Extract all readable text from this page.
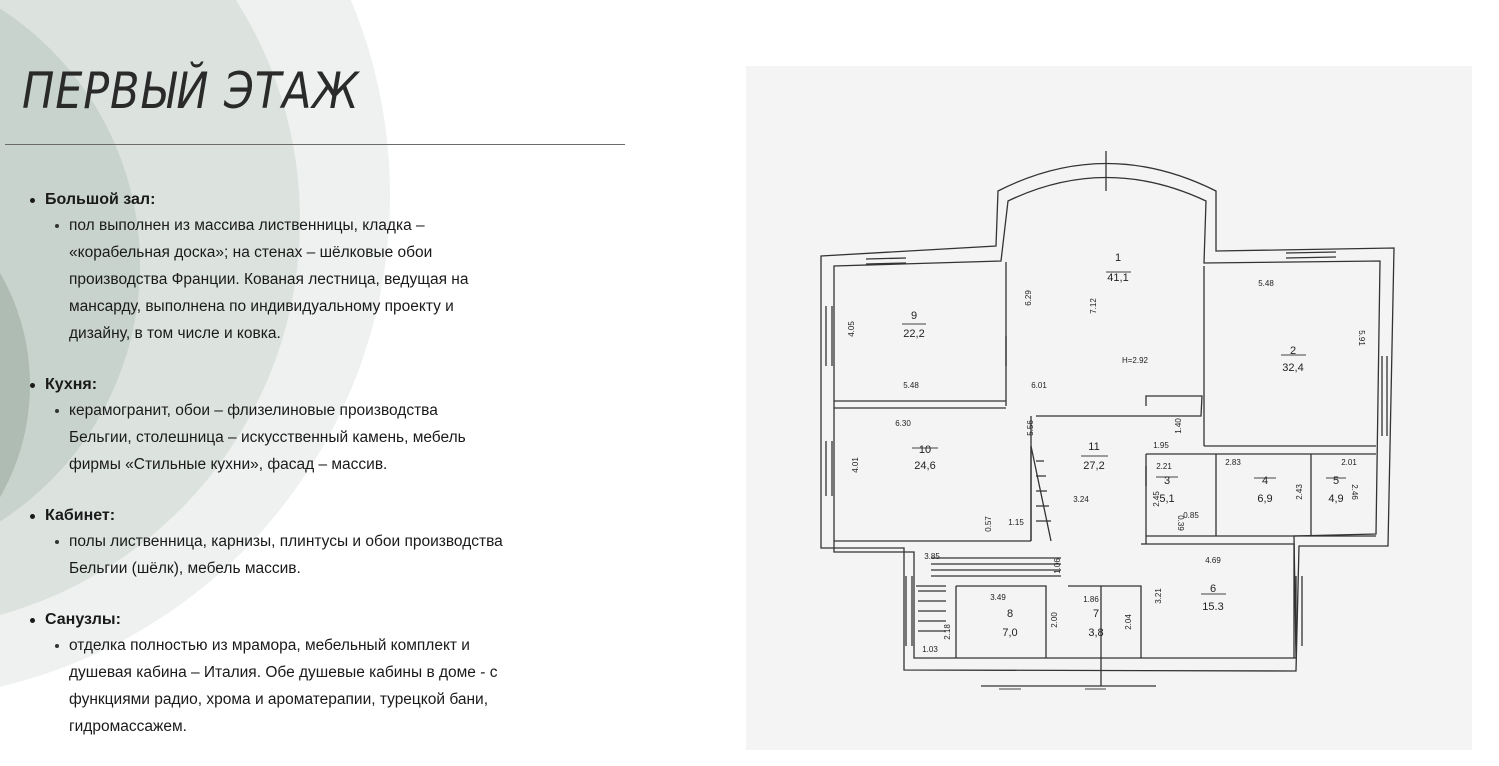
ПЕРВЫЙ ЭТАЖ
Большой зал:
пол выполнен из массива лиственницы, кладка –
«корабельная доска»; на стенах – шёлковые обои
производства Франции. Кованая лестница, ведущая на
мансарду, выполнена по индивидуальному проекту и
дизайну, в том числе и ковка.
Кухня:
керамогранит, обои – флизелиновые производства
Бельгии, столешница – искусственный камень, мебель
фирмы «Стильные кухни», фасад – массив.
Кабинет:
полы лиственница, карнизы, плинтусы и обои производства
Бельгии (шёлк), мебель массив.
Санузлы:
отделка полностью из мрамора, мебельный комплект и
душевая кабина – Италия. Обе душевые кабины в доме - с
функциями радио, хрома и ароматерапии, турецкой бани,
гидромассажем.
1
41,1
2
32,4
3
5,1
4
6,9
5
4,9
6
15.3
7
3,8
8
7,0
9
22,2
10
24,6
11
27,2
H=2.92
6.29
7.12
5.48
5.91
4.05
5.48	6.01
6.30	5.56	1.40
1.95
4.01
0.57 1.15
3.24
2.21
2.45
0.39
0.85
2.83
2.43
2.01
2.46
4.69
3.21
3.85
1.06
3.49
2.00
1.86
2.04
2.18
1.03
